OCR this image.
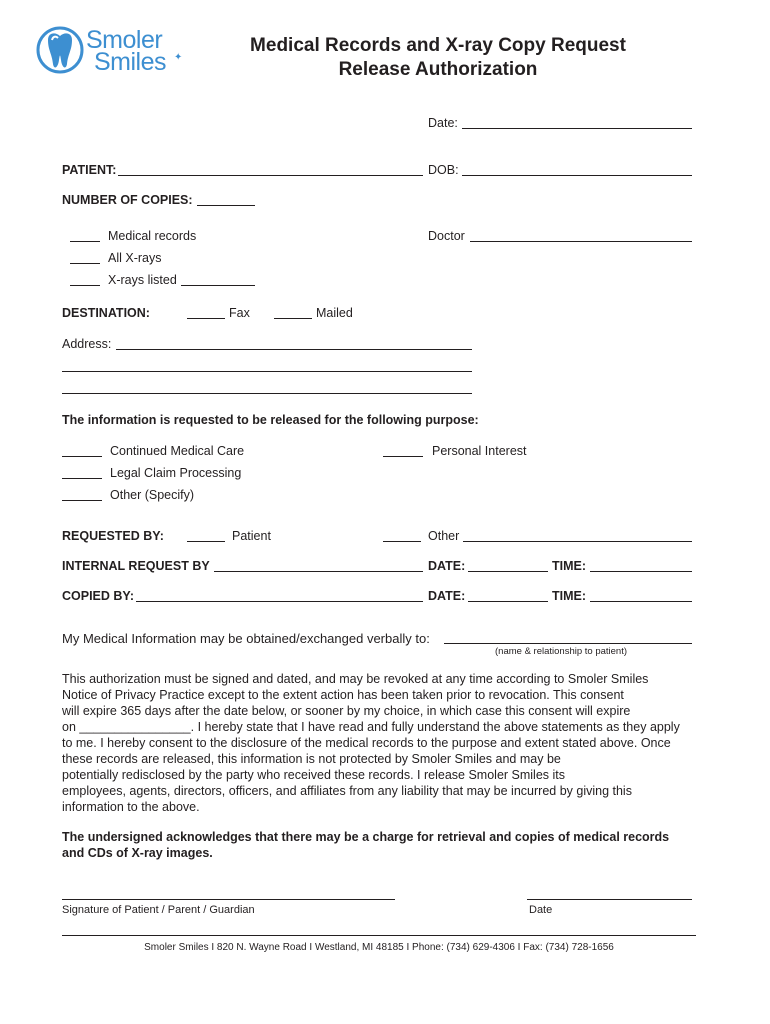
Smoler
Smiles ✦
Medical Records and X-ray Copy Request
Release Authorization
Date:
PATIENT:	DOB:
NUMBER OF COPIES:
Medical records
All X-rays
X-rays listed
Doctor
DESTINATION:	Fax	Mailed
Address:
The information is requested to be released for the following purpose:
Continued Medical Care	Personal Interest
Legal Claim Processing
Other (Specify)
REQUESTED BY:	Patient	Other
INTERNAL REQUEST BY	DATE:	TIME:
COPIED BY:	DATE:	TIME:
My Medical Information may be obtained/exchanged verbally to:
(name & relationship to patient)
This authorization must be signed and dated, and may be revoked at any time according to Smoler Smiles
Notice of Privacy Practice except to the extent action has been taken prior to revocation. This consent
will expire 365 days after the date below, or sooner by my choice, in which case this consent will expire
on ________________. I hereby state that I have read and fully understand the above statements as they apply
to me. I hereby consent to the disclosure of the medical records to the purpose and extent stated above. Once
these records are released, this information is not protected by Smoler Smiles and may be
potentially redisclosed by the party who received these records. I release Smoler Smiles its
employees, agents, directors, officers, and affiliates from any liability that may be incurred by giving this
information to the above.
The undersigned acknowledges that there may be a charge for retrieval and copies of medical records
and CDs of X-ray images.
Signature of Patient / Parent / Guardian	Date
Smoler Smiles I 820 N. Wayne Road I Westland, MI 48185 I Phone: (734) 629-4306 I Fax: (734) 728-1656
